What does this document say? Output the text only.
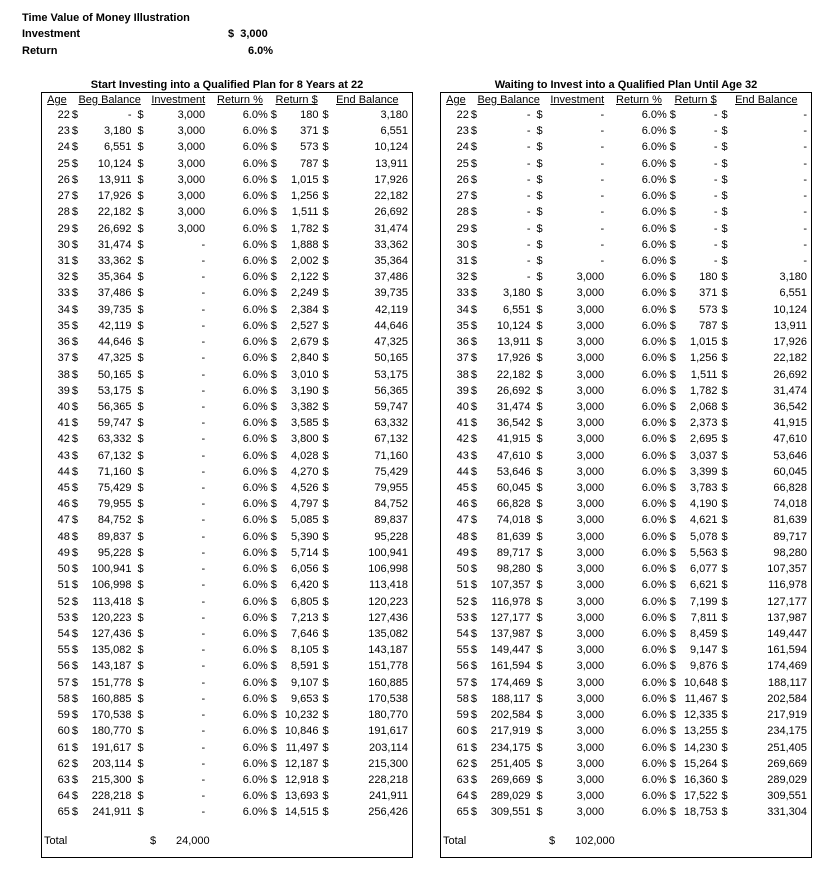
Time Value of Money Illustration
Investment	$  3,000
Return	6.0%
Start Investing into a Qualified Plan for 8 Years at 22
Age	Beg Balance Investment	Return %	Return $	End Balance
22 $	- $	3,000	6.0% $	180 $	3,180
23 $	3,180 $	3,000	6.0% $	371 $	6,551
24 $	6,551 $	3,000	6.0% $	573 $	10,124
25 $	10,124 $	3,000	6.0% $	787 $	13,911
26 $	13,911 $	3,000	6.0% $	1,015 $	17,926
27 $	17,926 $	3,000	6.0% $	1,256 $	22,182
28 $	22,182 $	3,000	6.0% $	1,511 $	26,692
29 $	26,692 $	3,000	6.0% $	1,782 $	31,474
30 $	31,474 $	-	6.0% $	1,888 $	33,362
31 $	33,362 $	-	6.0% $	2,002 $	35,364
32 $	35,364 $	-	6.0% $	2,122 $	37,486
33 $	37,486 $	-	6.0% $	2,249 $	39,735
34 $	39,735 $	-	6.0% $	2,384 $	42,119
35 $	42,119 $	-	6.0% $	2,527 $	44,646
36 $	44,646 $	-	6.0% $	2,679 $	47,325
37 $	47,325 $	-	6.0% $	2,840 $	50,165
38 $	50,165 $	-	6.0% $	3,010 $	53,175
39 $	53,175 $	-	6.0% $	3,190 $	56,365
40 $	56,365 $	-	6.0% $	3,382 $	59,747
41 $	59,747 $	-	6.0% $	3,585 $	63,332
42 $	63,332 $	-	6.0% $	3,800 $	67,132
43 $	67,132 $	-	6.0% $	4,028 $	71,160
44 $	71,160 $	-	6.0% $	4,270 $	75,429
45 $	75,429 $	-	6.0% $	4,526 $	79,955
46 $	79,955 $	-	6.0% $	4,797 $	84,752
47 $	84,752 $	-	6.0% $	5,085 $	89,837
48 $	89,837 $	-	6.0% $	5,390 $	95,228
49 $	95,228 $	-	6.0% $	5,714 $	100,941
50 $	100,941 $	-	6.0% $	6,056 $	106,998
51 $	106,998 $	-	6.0% $	6,420 $	113,418
52 $	113,418 $	-	6.0% $	6,805 $	120,223
53 $	120,223 $	-	6.0% $	7,213 $	127,436
54 $	127,436 $	-	6.0% $	7,646 $	135,082
55 $	135,082 $	-	6.0% $	8,105 $	143,187
56 $	143,187 $	-	6.0% $	8,591 $	151,778
57 $	151,778 $	-	6.0% $	9,107 $	160,885
58 $	160,885 $	-	6.0% $	9,653 $	170,538
59 $	170,538 $	-	6.0% $ 10,232 $	180,770
60 $	180,770 $	-	6.0% $ 10,846 $	191,617
61 $	191,617 $	-	6.0% $ 11,497 $	203,114
62 $	203,114 $	-	6.0% $ 12,187 $	215,300
63 $	215,300 $	-	6.0% $ 12,918 $	228,218
64 $	228,218 $	-	6.0% $ 13,693 $	241,911
65 $	241,911 $	-	6.0% $ 14,515 $	256,426
Total	$ 24,000
Waiting to Invest into a Qualified Plan Until Age 32
Age	Beg Balance Investment	Return %	Return $	End Balance
22 $	- $	-	6.0% $	- $	-
23 $	- $	-	6.0% $	- $	-
24 $	- $	-	6.0% $	- $	-
25 $	- $	-	6.0% $	- $	-
26 $	- $	-	6.0% $	- $	-
27 $	- $	-	6.0% $	- $	-
28 $	- $	-	6.0% $	- $	-
29 $	- $	-	6.0% $	- $	-
30 $	- $	-	6.0% $	- $	-
31 $	- $	-	6.0% $	- $	-
32 $	- $	3,000	6.0% $	180 $	3,180
33 $	3,180 $	3,000	6.0% $	371 $	6,551
34 $	6,551 $	3,000	6.0% $	573 $	10,124
35 $	10,124 $	3,000	6.0% $	787 $	13,911
36 $	13,911 $	3,000	6.0% $	1,015 $	17,926
37 $	17,926 $	3,000	6.0% $	1,256 $	22,182
38 $	22,182 $	3,000	6.0% $	1,511 $	26,692
39 $	26,692 $	3,000	6.0% $	1,782 $	31,474
40 $	31,474 $	3,000	6.0% $	2,068 $	36,542
41 $	36,542 $	3,000	6.0% $	2,373 $	41,915
42 $	41,915 $	3,000	6.0% $	2,695 $	47,610
43 $	47,610 $	3,000	6.0% $	3,037 $	53,646
44 $	53,646 $	3,000	6.0% $	3,399 $	60,045
45 $	60,045 $	3,000	6.0% $	3,783 $	66,828
46 $	66,828 $	3,000	6.0% $	4,190 $	74,018
47 $	74,018 $	3,000	6.0% $	4,621 $	81,639
48 $	81,639 $	3,000	6.0% $	5,078 $	89,717
49 $	89,717 $	3,000	6.0% $	5,563 $	98,280
50 $	98,280 $	3,000	6.0% $	6,077 $	107,357
51 $	107,357 $	3,000	6.0% $	6,621 $	116,978
52 $	116,978 $	3,000	6.0% $	7,199 $	127,177
53 $	127,177 $	3,000	6.0% $	7,811 $	137,987
54 $	137,987 $	3,000	6.0% $	8,459 $	149,447
55 $	149,447 $	3,000	6.0% $	9,147 $	161,594
56 $	161,594 $	3,000	6.0% $	9,876 $	174,469
57 $	174,469 $	3,000	6.0% $ 10,648 $	188,117
58 $	188,117 $	3,000	6.0% $ 11,467 $	202,584
59 $	202,584 $	3,000	6.0% $ 12,335 $	217,919
60 $	217,919 $	3,000	6.0% $ 13,255 $	234,175
61 $	234,175 $	3,000	6.0% $ 14,230 $	251,405
62 $	251,405 $	3,000	6.0% $ 15,264 $	269,669
63 $	269,669 $	3,000	6.0% $ 16,360 $	289,029
64 $	289,029 $	3,000	6.0% $ 17,522 $	309,551
65 $	309,551 $	3,000	6.0% $ 18,753 $	331,304
Total	$ 102,000
